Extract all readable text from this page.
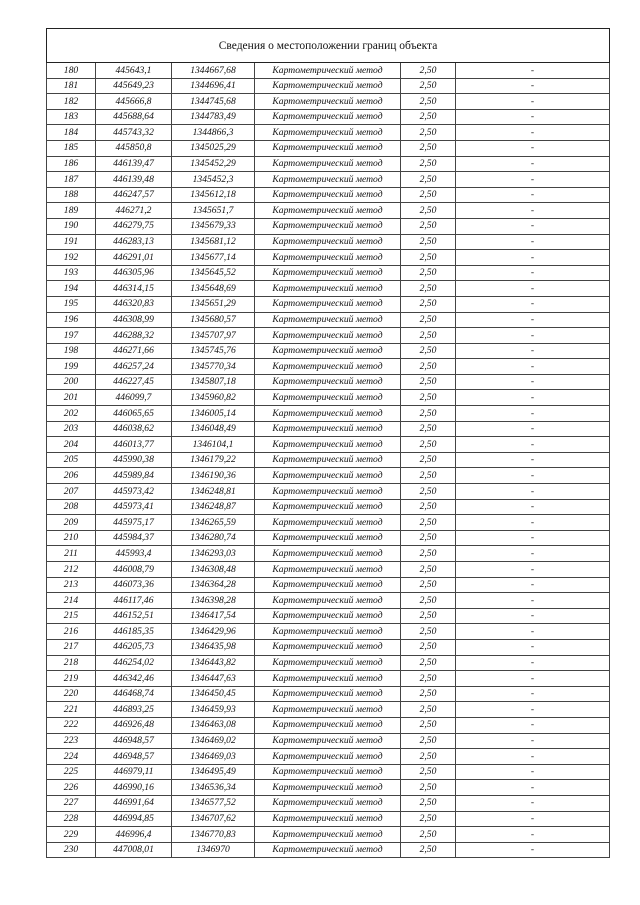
Сведения о местоположении границ объекта					
180	445643,1	1344667,68	Картометрический метод	2,50	-
181	445649,23	1344696,41	Картометрический метод	2,50	-
182	445666,8	1344745,68	Картометрический метод	2,50	-
183	445688,64	1344783,49	Картометрический метод	2,50	-
184	445743,32	1344866,3	Картометрический метод	2,50	-
185	445850,8	1345025,29	Картометрический метод	2,50	-
186	446139,47	1345452,29	Картометрический метод	2,50	-
187	446139,48	1345452,3	Картометрический метод	2,50	-
188	446247,57	1345612,18	Картометрический метод	2,50	-
189	446271,2	1345651,7	Картометрический метод	2,50	-
190	446279,75	1345679,33	Картометрический метод	2,50	-
191	446283,13	1345681,12	Картометрический метод	2,50	-
192	446291,01	1345677,14	Картометрический метод	2,50	-
193	446305,96	1345645,52	Картометрический метод	2,50	-
194	446314,15	1345648,69	Картометрический метод	2,50	-
195	446320,83	1345651,29	Картометрический метод	2,50	-
196	446308,99	1345680,57	Картометрический метод	2,50	-
197	446288,32	1345707,97	Картометрический метод	2,50	-
198	446271,66	1345745,76	Картометрический метод	2,50	-
199	446257,24	1345770,34	Картометрический метод	2,50	-
200	446227,45	1345807,18	Картометрический метод	2,50	-
201	446099,7	1345960,82	Картометрический метод	2,50	-
202	446065,65	1346005,14	Картометрический метод	2,50	-
203	446038,62	1346048,49	Картометрический метод	2,50	-
204	446013,77	1346104,1	Картометрический метод	2,50	-
205	445990,38	1346179,22	Картометрический метод	2,50	-
206	445989,84	1346190,36	Картометрический метод	2,50	-
207	445973,42	1346248,81	Картометрический метод	2,50	-
208	445973,41	1346248,87	Картометрический метод	2,50	-
209	445975,17	1346265,59	Картометрический метод	2,50	-
210	445984,37	1346280,74	Картометрический метод	2,50	-
211	445993,4	1346293,03	Картометрический метод	2,50	-
212	446008,79	1346308,48	Картометрический метод	2,50	-
213	446073,36	1346364,28	Картометрический метод	2,50	-
214	446117,46	1346398,28	Картометрический метод	2,50	-
215	446152,51	1346417,54	Картометрический метод	2,50	-
216	446185,35	1346429,96	Картометрический метод	2,50	-
217	446205,73	1346435,98	Картометрический метод	2,50	-
218	446254,02	1346443,82	Картометрический метод	2,50	-
219	446342,46	1346447,63	Картометрический метод	2,50	-
220	446468,74	1346450,45	Картометрический метод	2,50	-
221	446893,25	1346459,93	Картометрический метод	2,50	-
222	446926,48	1346463,08	Картометрический метод	2,50	-
223	446948,57	1346469,02	Картометрический метод	2,50	-
224	446948,57	1346469,03	Картометрический метод	2,50	-
225	446979,11	1346495,49	Картометрический метод	2,50	-
226	446990,16	1346536,34	Картометрический метод	2,50	-
227	446991,64	1346577,52	Картометрический метод	2,50	-
228	446994,85	1346707,62	Картометрический метод	2,50	-
229	446996,4	1346770,83	Картометрический метод	2,50	-
230	447008,01	1346970	Картометрический метод	2,50	-
